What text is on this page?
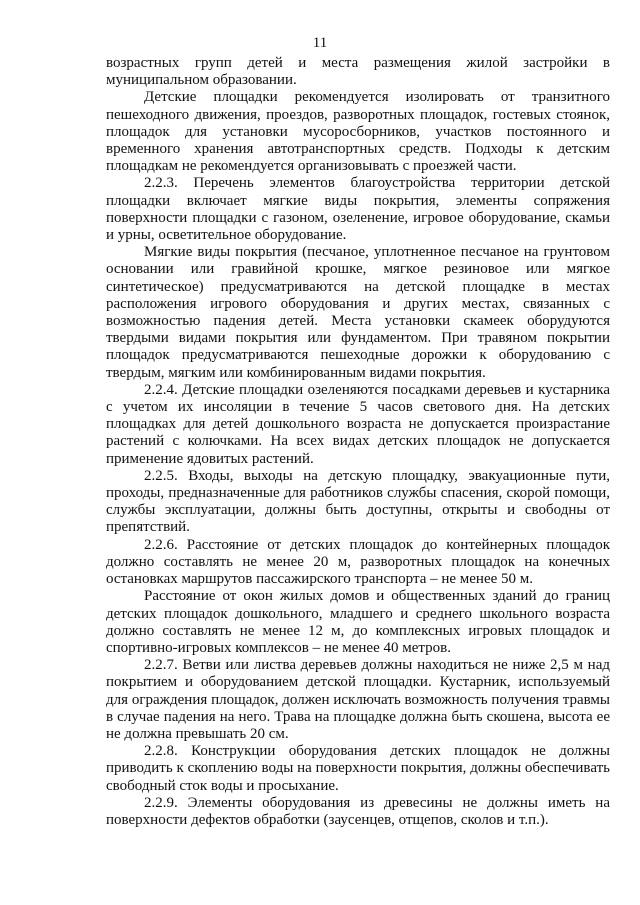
11

возрастных групп детей и места размещения жилой застройки в муниципальном образовании.

Детские площадки рекомендуется изолировать от транзитного пешеходного движения, проездов, разворотных площадок, гостевых стоянок, площадок для установки мусоросборников, участков постоянного и временного хранения автотранспортных средств. Подходы к детским площадкам не рекомендуется организовывать с проезжей части.

2.2.3. Перечень элементов благоустройства территории детской площадки включает мягкие виды покрытия, элементы сопряжения поверхности площадки с газоном, озеленение, игровое оборудование, скамьи и урны, осветительное оборудование.

Мягкие виды покрытия (песчаное, уплотненное песчаное на грунтовом основании или гравийной крошке, мягкое резиновое или мягкое синтетическое) предусматриваются на детской площадке в местах расположения игрового оборудования и других местах, связанных с возможностью падения детей. Места установки скамеек оборудуются твердыми видами покрытия или фундаментом. При травяном покрытии площадок предусматриваются пешеходные дорожки к оборудованию с твердым, мягким или комбинированным видами покрытия.

2.2.4. Детские площадки озеленяются посадками деревьев и кустарника с учетом их инсоляции в течение 5 часов светового дня. На детских площадках для детей дошкольного возраста не допускается произрастание растений с колючками. На всех видах детских площадок не допускается применение ядовитых растений.

2.2.5. Входы, выходы на детскую площадку, эвакуационные пути, проходы, предназначенные для работников службы спасения, скорой помощи, службы эксплуатации, должны быть доступны, открыты и свободны от препятствий.

2.2.6. Расстояние от детских площадок до контейнерных площадок должно составлять не менее 20 м, разворотных площадок на конечных остановках маршрутов пассажирского транспорта – не менее 50 м.

Расстояние от окон жилых домов и общественных зданий до границ детских площадок дошкольного, младшего и среднего школьного возраста должно составлять не менее 12 м, до комплексных игровых площадок и спортивно-игровых комплексов – не менее 40 метров.

2.2.7. Ветви или листва деревьев должны находиться не ниже 2,5 м над покрытием и оборудованием детской площадки. Кустарник, используемый для ограждения площадок, должен исключать возможность получения травмы в случае падения на него. Трава на площадке должна быть скошена, высота ее не должна превышать 20 см.

2.2.8. Конструкции оборудования детских площадок не должны приводить к скоплению воды на поверхности покрытия, должны обеспечивать свободный сток воды и просыхание.

2.2.9. Элементы оборудования из древесины не должны иметь на поверхности дефектов обработки (заусенцев, отщепов, сколов и т.п.).
